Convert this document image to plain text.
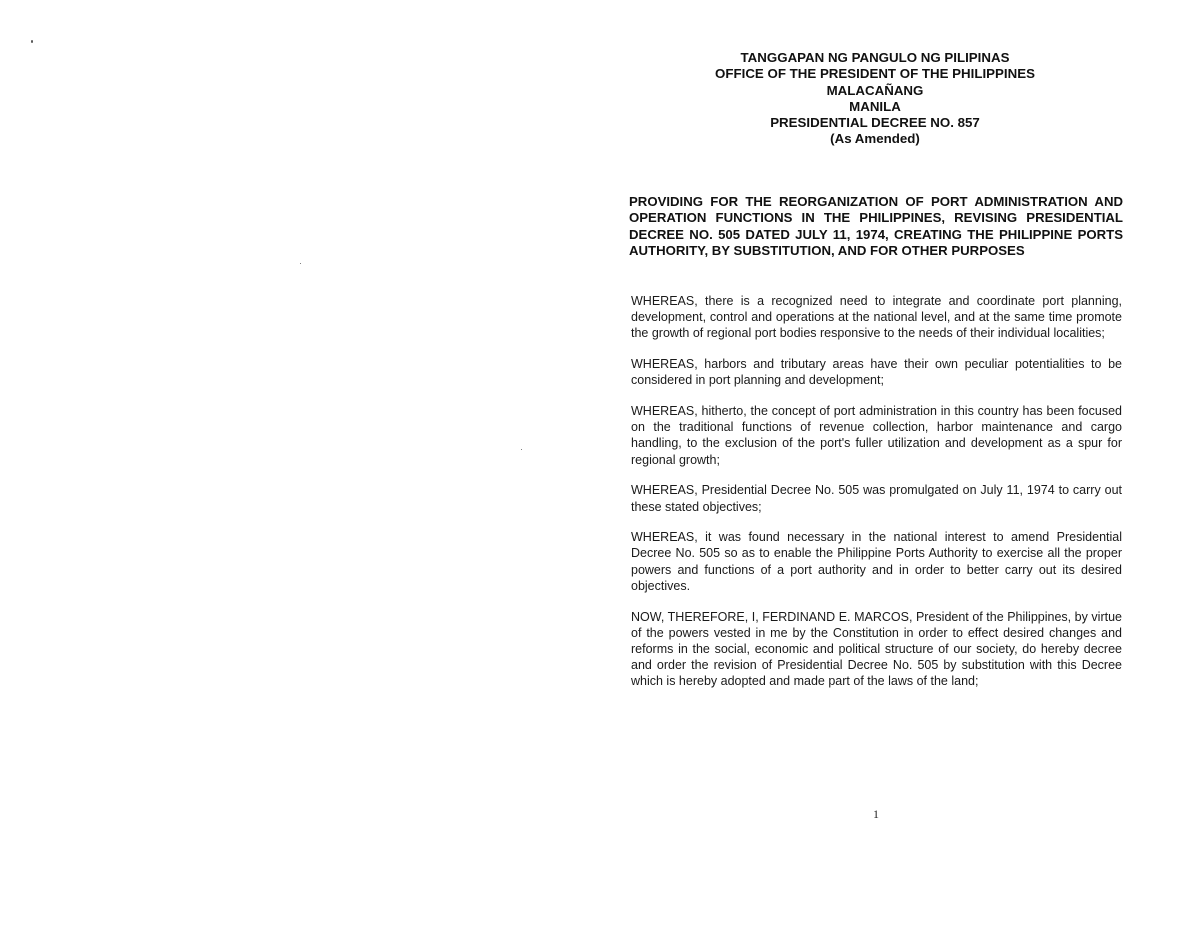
TANGGAPAN NG PANGULO NG PILIPINAS
OFFICE OF THE PRESIDENT OF THE PHILIPPINES
MALACAÑANG
MANILA
PRESIDENTIAL DECREE NO. 857
(As Amended)
PROVIDING FOR THE REORGANIZATION OF PORT ADMINISTRATION AND OPERATION FUNCTIONS IN THE PHILIPPINES, REVISING PRESIDENTIAL DECREE NO. 505 DATED JULY 11, 1974, CREATING THE PHILIPPINE PORTS AUTHORITY, BY SUBSTITUTION, AND FOR OTHER PURPOSES

WHEREAS, there is a recognized need to integrate and coordinate port planning, development, control and operations at the national level, and at the same time promote the growth of regional port bodies responsive to the needs of their individual localities;

WHEREAS, harbors and tributary areas have their own peculiar potentialities to be considered in port planning and development;

WHEREAS, hitherto, the concept of port administration in this country has been focused on the traditional functions of revenue collection, harbor maintenance and cargo handling, to the exclusion of the port's fuller utilization and development as a spur for regional growth;

WHEREAS, Presidential Decree No. 505 was promulgated on July 11, 1974 to carry out these stated objectives;

WHEREAS, it was found necessary in the national interest to amend Presidential Decree No. 505 so as to enable the Philippine Ports Authority to exercise all the proper powers and functions of a port authority and in order to better carry out its desired objectives.

NOW, THEREFORE, I, FERDINAND E. MARCOS, President of the Philippines, by virtue of the powers vested in me by the Constitution in order to effect desired changes and reforms in the social, economic and political structure of our society, do hereby decree and order the revision of Presidential Decree No. 505 by substitution with this Decree which is hereby adopted and made part of the laws of the land;

1
